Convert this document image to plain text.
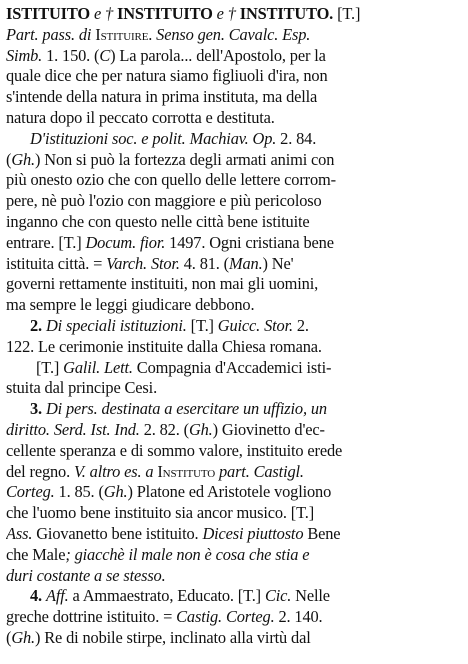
ISTITUITO e † INSTITUITO e † INSTITUTO. [T.]
Part. pass. di Istituire. Senso gen. Cavalc. Esp.
Simb. 1. 150. (C) La parola... dell'Apostolo, per la
quale dice che per natura siamo figliuoli d'ira, non
s'intende della natura in prima instituta, ma della
natura dopo il peccato corrotta e destituta.
D'istituzioni soc. e polit. Machiav. Op. 2. 84.
(Gh.) Non si può la fortezza degli armati animi con
più onesto ozio che con quello delle lettere corrom-
pere, nè può l'ozio con maggiore e più pericoloso
inganno che con questo nelle città bene istituite
entrare. [T.] Docum. fior. 1497. Ogni cristiana bene
istituita città. = Varch. Stor. 4. 81. (Man.) Ne'
governi rettamente instituiti, non mai gli uomini,
ma sempre le leggi giudicare debbono.
2. Di speciali istituzioni. [T.] Guicc. Stor. 2.
122. Le cerimonie instituite dalla Chiesa romana.
[T.] Galil. Lett. Compagnia d'Accademici isti-
stuita dal principe Cesi.
3. Di pers. destinata a esercitare un uffizio, un
diritto. Serd. Ist. Ind. 2. 82. (Gh.) Giovinetto d'ec-
cellente speranza e di sommo valore, instituito erede
del regno. V. altro es. a Instituto part. Castigl.
Corteg. 1. 85. (Gh.) Platone ed Aristotele vogliono
che l'uomo bene instituito sia ancor musico. [T.]
Ass. Giovanetto bene istituito. Dicesi piuttosto Bene
che Male; giacchè il male non è cosa che stia e
duri costante a se stesso.
4. Aff. a Ammaestrato, Educato. [T.] Cic. Nelle
greche dottrine istituito. = Castig. Corteg. 2. 140.
(Gh.) Re di nobile stirpe, inclinato alla virtù dal
